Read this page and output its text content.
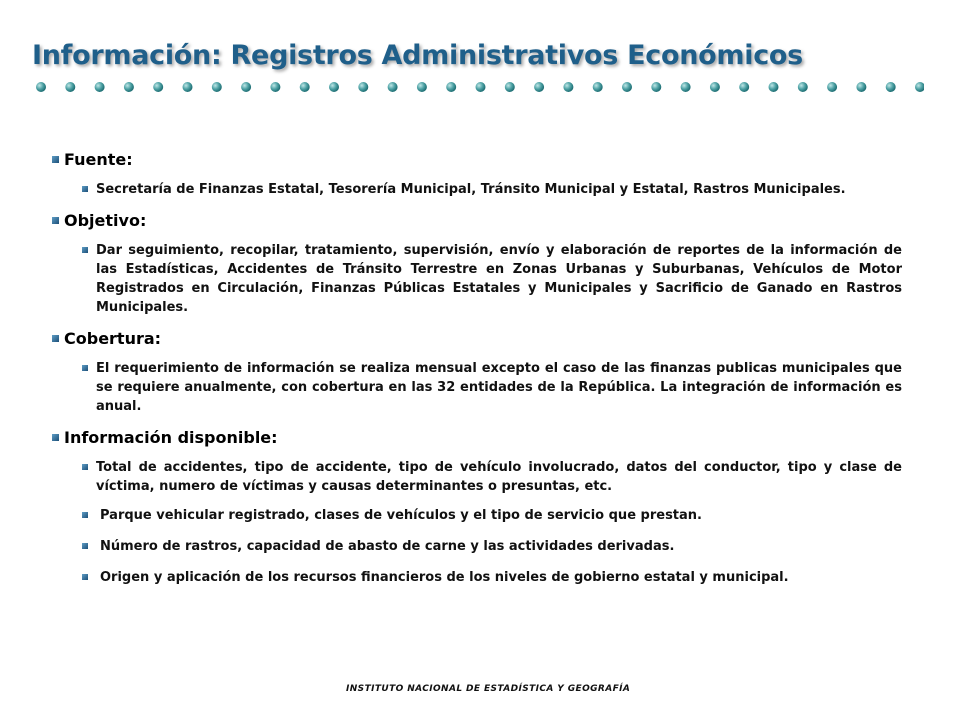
Información: Registros Administrativos Económicos
Fuente:
Secretaría de Finanzas Estatal, Tesorería Municipal, Tránsito Municipal y Estatal, Rastros Municipales.
Objetivo:
Dar seguimiento, recopilar, tratamiento, supervisión, envío y elaboración de reportes de la información de las Estadísticas, Accidentes de Tránsito Terrestre en Zonas Urbanas y Suburbanas, Vehículos de Motor Registrados en Circulación, Finanzas Públicas Estatales y Municipales y Sacrificio de Ganado en Rastros Municipales.
Cobertura:
El requerimiento de información se realiza mensual excepto el caso de las finanzas publicas municipales que se requiere anualmente, con cobertura en las 32 entidades de la República. La integración de información es anual.
Información disponible:
Total de accidentes, tipo de accidente, tipo de vehículo involucrado, datos del conductor, tipo y clase de víctima, numero de víctimas y causas determinantes o presuntas, etc.
Parque vehicular registrado, clases de vehículos y el tipo de servicio que prestan.
Número de rastros, capacidad de abasto de carne y las actividades derivadas.
Origen y aplicación de los recursos financieros de los niveles de gobierno estatal y municipal.
INSTITUTO NACIONAL DE ESTADÍSTICA Y GEOGRAFÍA
